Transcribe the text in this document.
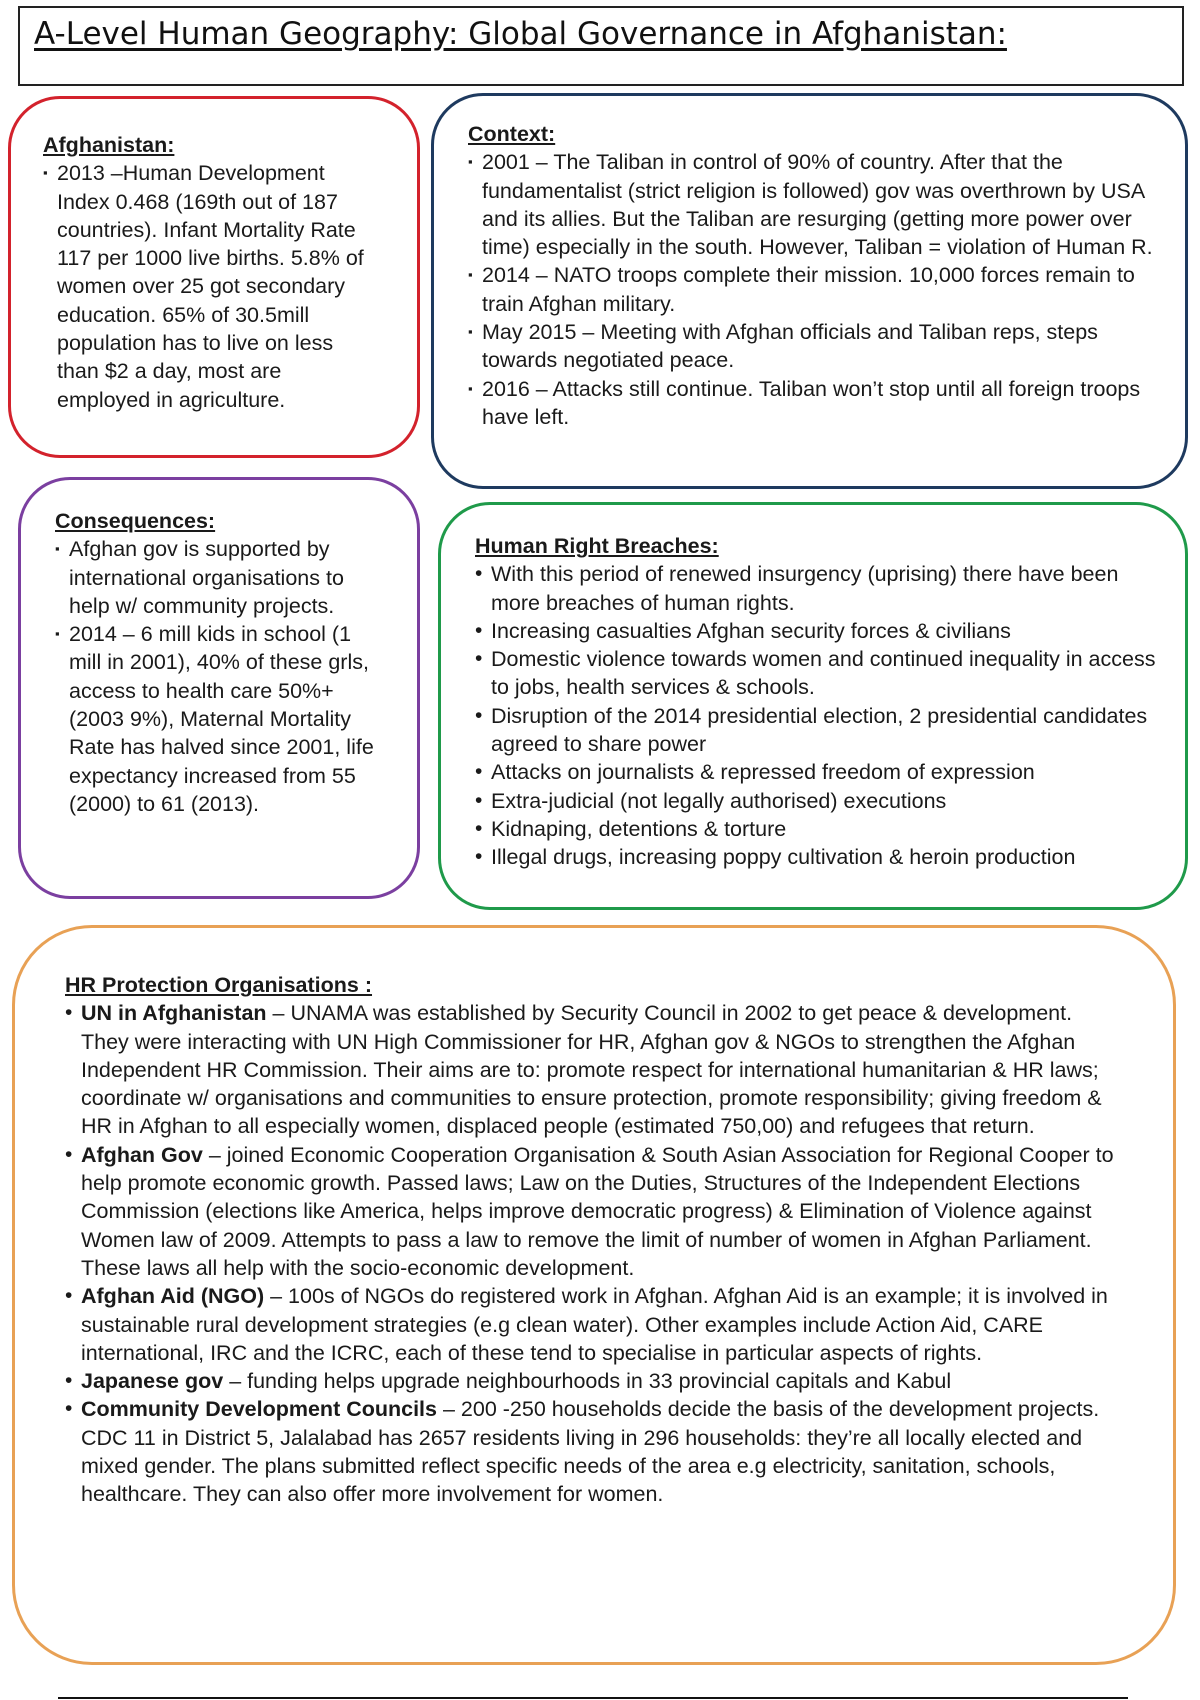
A-Level Human Geography: Global Governance in Afghanistan:
Afghanistan:
▪ 2013 –Human Development Index 0.468 (169th out of 187 countries). Infant Mortality Rate 117 per 1000 live births. 5.8% of women over 25 got secondary education. 65% of 30.5mill population has to live on less than $2 a day, most are employed in agriculture.
Context:
▪ 2001 – The Taliban in control of 90% of country. After that the fundamentalist (strict religion is followed) gov was overthrown by USA and its allies. But the Taliban are resurging (getting more power over time) especially in the south. However, Taliban = violation of Human R.
▪ 2014 – NATO troops complete their mission. 10,000 forces remain to train Afghan military.
▪ May 2015 – Meeting with Afghan officials and Taliban reps, steps towards negotiated peace.
▪ 2016 – Attacks still continue. Taliban won’t stop until all foreign troops have left.
Consequences:
▪ Afghan gov is supported by international organisations to help w/ community projects.
▪ 2014 – 6 mill kids in school (1 mill in 2001), 40% of these grls, access to health care 50%+ (2003 9%), Maternal Mortality Rate has halved since 2001, life expectancy increased from 55 (2000) to 61 (2013).
Human Right Breaches:
• With this period of renewed insurgency (uprising) there have been more breaches of human rights.
• Increasing casualties Afghan security forces & civilians
• Domestic violence towards women and continued inequality in access to jobs, health services & schools.
• Disruption of the 2014 presidential election, 2 presidential candidates agreed to share power
• Attacks on journalists & repressed freedom of expression
• Extra-judicial (not legally authorised) executions
• Kidnaping, detentions & torture
• Illegal drugs, increasing poppy cultivation & heroin production
HR Protection Organisations :
• UN in Afghanistan – UNAMA was established by Security Council in 2002 to get peace & development. They were interacting with UN High Commissioner for HR, Afghan gov & NGOs to strengthen the Afghan Independent HR Commission. Their aims are to: promote respect for international humanitarian & HR laws; coordinate w/ organisations and communities to ensure protection, promote responsibility; giving freedom & HR in Afghan to all especially women, displaced people (estimated 750,00) and refugees that return.
• Afghan Gov – joined Economic Cooperation Organisation & South Asian Association for Regional Cooper to help promote economic growth. Passed laws; Law on the Duties, Structures of the Independent Elections Commission (elections like America, helps improve democratic progress) & Elimination of Violence against Women law of 2009. Attempts to pass a law to remove the limit of number of women in Afghan Parliament. These laws all help with the socio-economic development.
• Afghan Aid (NGO) – 100s of NGOs do registered work in Afghan. Afghan Aid is an example; it is involved in sustainable rural development strategies (e.g clean water). Other examples include Action Aid, CARE international, IRC and the ICRC, each of these tend to specialise in particular aspects of rights.
• Japanese gov – funding helps upgrade neighbourhoods in 33 provincial capitals and Kabul
• Community Development Councils – 200 -250 households decide the basis of the development projects. CDC 11 in District 5, Jalalabad has 2657 residents living in 296 households: they’re all locally elected and mixed gender. The plans submitted reflect specific needs of the area e.g electricity, sanitation, schools, healthcare. They can also offer more involvement for women.
